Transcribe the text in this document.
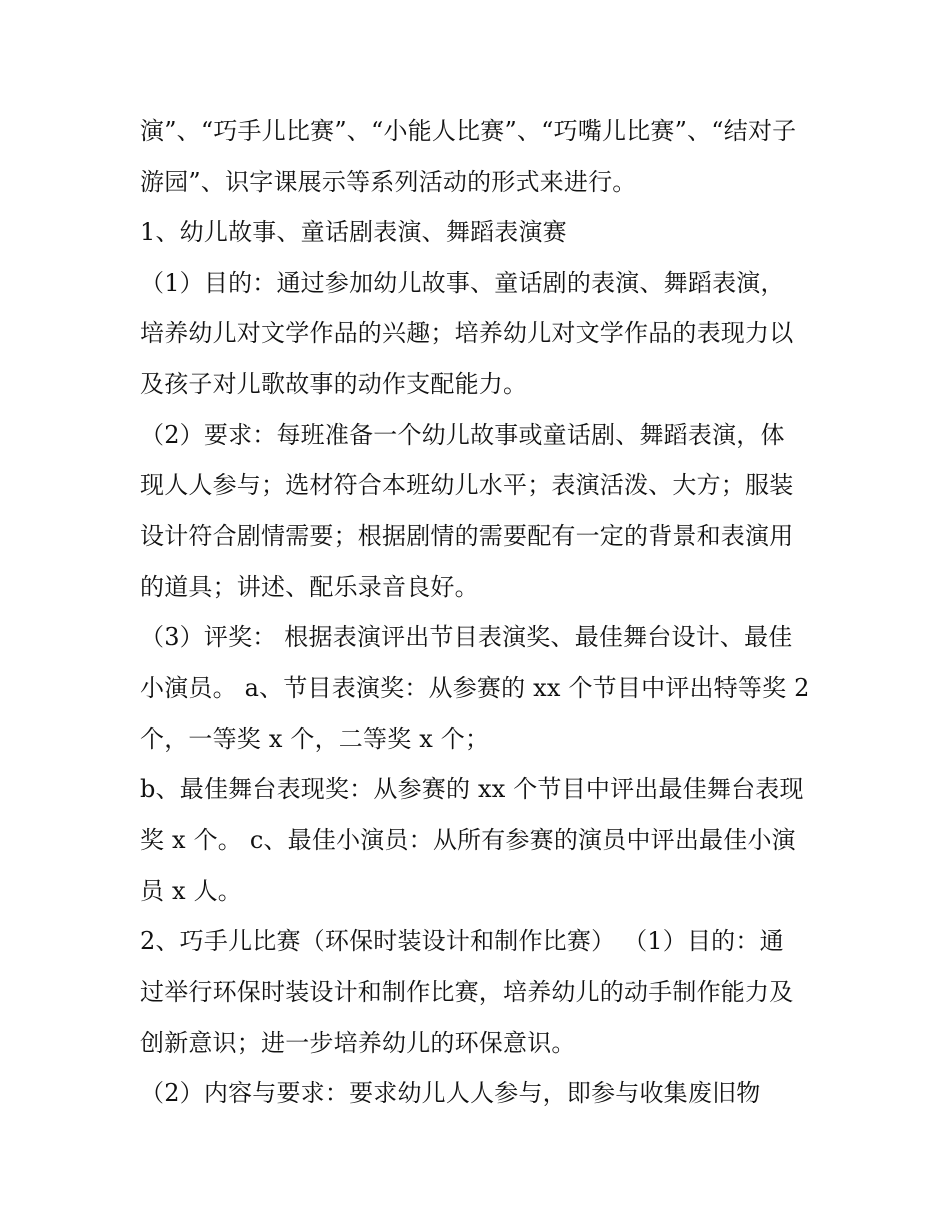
演”、“巧手儿比赛”、“小能人比赛”、“巧嘴儿比赛”、“结对子
游园”、识字课展示等系列活动的形式来进行。
1、幼儿故事、童话剧表演、舞蹈表演赛
（1）目的：通过参加幼儿故事、童话剧的表演、舞蹈表演，
培养幼儿对文学作品的兴趣；培养幼儿对文学作品的表现力以
及孩子对儿歌故事的动作支配能力。
（2）要求：每班准备一个幼儿故事或童话剧、舞蹈表演，体
现人人参与；选材符合本班幼儿水平；表演活泼、大方；服装
设计符合剧情需要；根据剧情的需要配有一定的背景和表演用
的道具；讲述、配乐录音良好。
（3）评奖： 根据表演评出节目表演奖、最佳舞台设计、最佳
小演员。 a、节目表演奖：从参赛的 xx 个节目中评出特等奖 2
个，一等奖 x 个，二等奖 x 个；
b、最佳舞台表现奖：从参赛的 xx 个节目中评出最佳舞台表现
奖 x 个。 c、最佳小演员：从所有参赛的演员中评出最佳小演
员 x 人。
2、巧手儿比赛（环保时装设计和制作比赛） （1）目的：通
过举行环保时装设计和制作比赛，培养幼儿的动手制作能力及
创新意识；进一步培养幼儿的环保意识。
（2）内容与要求：要求幼儿人人参与，即参与收集废旧物
